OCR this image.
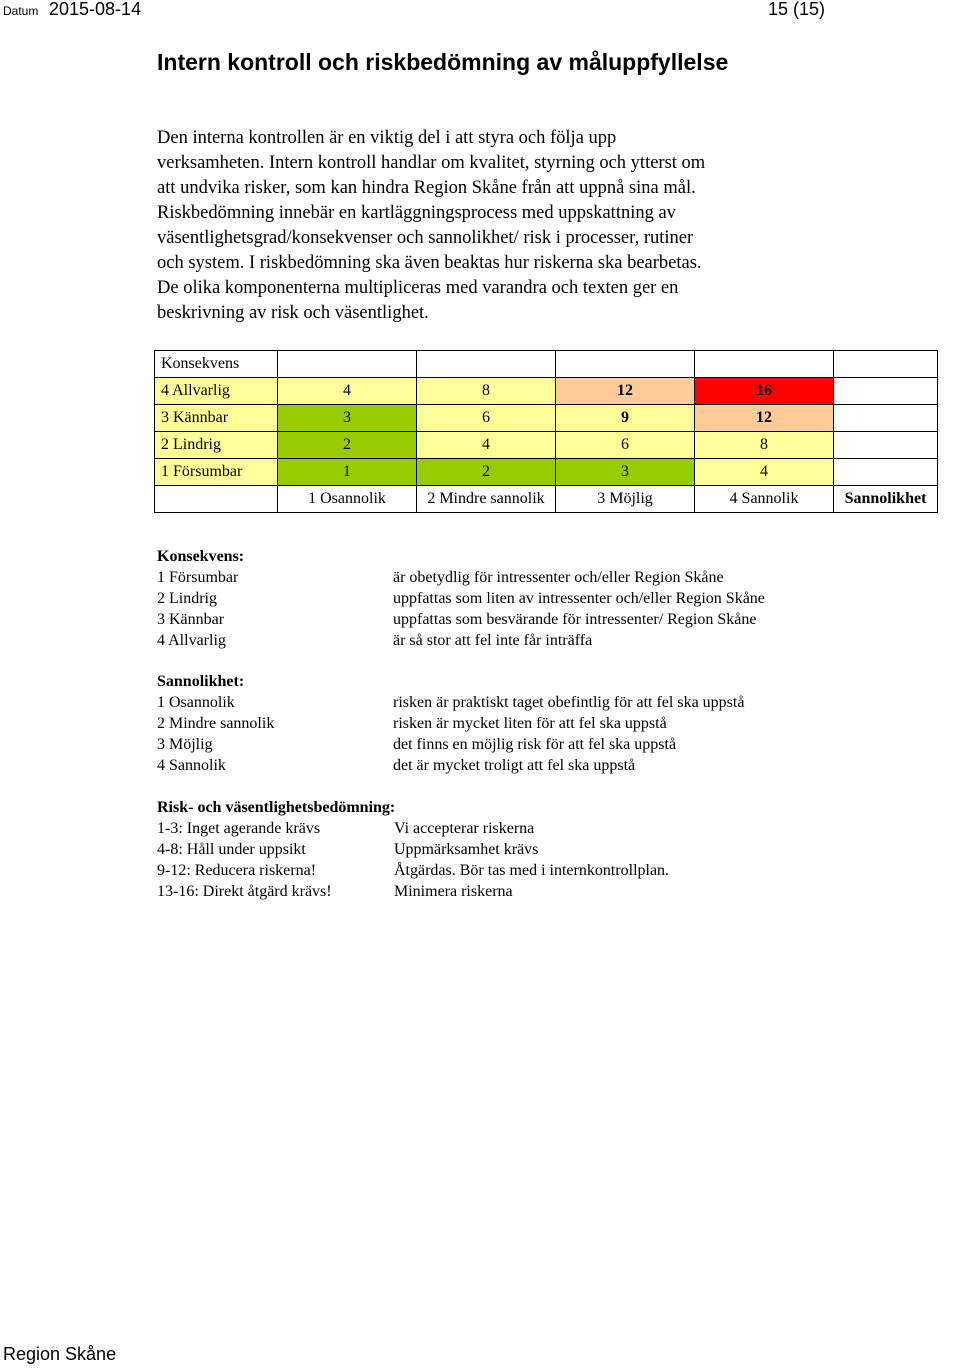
Datum 2015-08-14	15 (15)
Intern kontroll och riskbedömning av måluppfyllelse

Den interna kontrollen är en viktig del i att styra och följa upp
verksamheten. Intern kontroll handlar om kvalitet, styrning och ytterst om
att undvika risker, som kan hindra Region Skåne från att uppnå sina mål.
Riskbedömning innebär en kartläggningsprocess med uppskattning av
väsentlighetsgrad/konsekvenser och sannolikhet/ risk i processer, rutiner
och system. I riskbedömning ska även beaktas hur riskerna ska bearbetas.
De olika komponenterna multipliceras med varandra och texten ger en
beskrivning av risk och väsentlighet.

Konsekvens					
4 Allvarlig	4	8	12	16	
3 Kännbar	3	6	9	12	
2 Lindrig	2	4	6	8	
1 Försumbar	1	2	3	4	
	1 Osannolik	2 Mindre sannolik	3 Möjlig	4 Sannolik	Sannolikhet
Konsekvens:
1 Försumbar	är obetydlig för intressenter och/eller Region Skåne
2 Lindrig	uppfattas som liten av intressenter och/eller Region Skåne
3 Kännbar	uppfattas som besvärande för intressenter/ Region Skåne
4 Allvarlig	är så stor att fel inte får inträffa
Sannolikhet:
1 Osannolik	risken är praktiskt taget obefintlig för att fel ska uppstå
2 Mindre sannolik	risken är mycket liten för att fel ska uppstå
3 Möjlig	det finns en möjlig risk för att fel ska uppstå
4 Sannolik	det är mycket troligt att fel ska uppstå
Risk- och väsentlighetsbedömning:
1-3: Inget agerande krävs	Vi accepterar riskerna
4-8: Håll under uppsikt	Uppmärksamhet krävs
9-12: Reducera riskerna!	Åtgärdas. Bör tas med i internkontrollplan.
13-16: Direkt åtgärd krävs!	Minimera riskerna
Region Skåne
